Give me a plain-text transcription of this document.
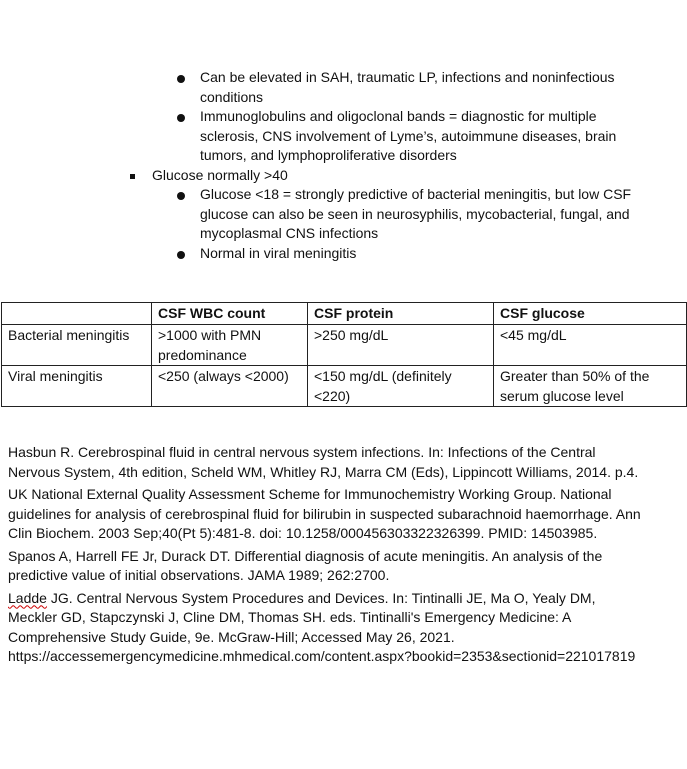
Can be elevated in SAH, traumatic LP, infections and noninfectious conditions
Immunoglobulins and oligoclonal bands = diagnostic for multiple sclerosis, CNS involvement of Lyme’s, autoimmune diseases, brain tumors, and lymphoproliferative disorders
Glucose normally >40
Glucose <18 = strongly predictive of bacterial meningitis, but low CSF glucose can also be seen in neurosyphilis, mycobacterial, fungal, and mycoplasmal CNS infections
Normal in viral meningitis
	CSF WBC count	CSF protein	CSF glucose
Bacterial meningitis	>1000 with PMN predominance	>250 mg/dL	<45 mg/dL
Viral meningitis	<250 (always <2000)	<150 mg/dL (definitely <220)	Greater than 50% of the serum glucose level

Hasbun R. Cerebrospinal fluid in central nervous system infections. In: Infections of the Central Nervous System, 4th edition, Scheld WM, Whitley RJ, Marra CM (Eds), Lippincott Williams, 2014. p.4.

UK National External Quality Assessment Scheme for Immunochemistry Working Group. National guidelines for analysis of cerebrospinal fluid for bilirubin in suspected subarachnoid haemorrhage. Ann Clin Biochem. 2003 Sep;40(Pt 5):481-8. doi: 10.1258/000456303322326399. PMID: 14503985.

Spanos A, Harrell FE Jr, Durack DT. Differential diagnosis of acute meningitis. An analysis of the predictive value of initial observations. JAMA 1989; 262:2700.

Ladde JG. Central Nervous System Procedures and Devices. In: Tintinalli JE, Ma O, Yealy DM, Meckler GD, Stapczynski J, Cline DM, Thomas SH. eds. Tintinalli's Emergency Medicine: A Comprehensive Study Guide, 9e. McGraw-Hill; Accessed May 26, 2021. https://accessemergencymedicine.mhmedical.com/content.aspx?bookid=2353&sectionid=221017819
